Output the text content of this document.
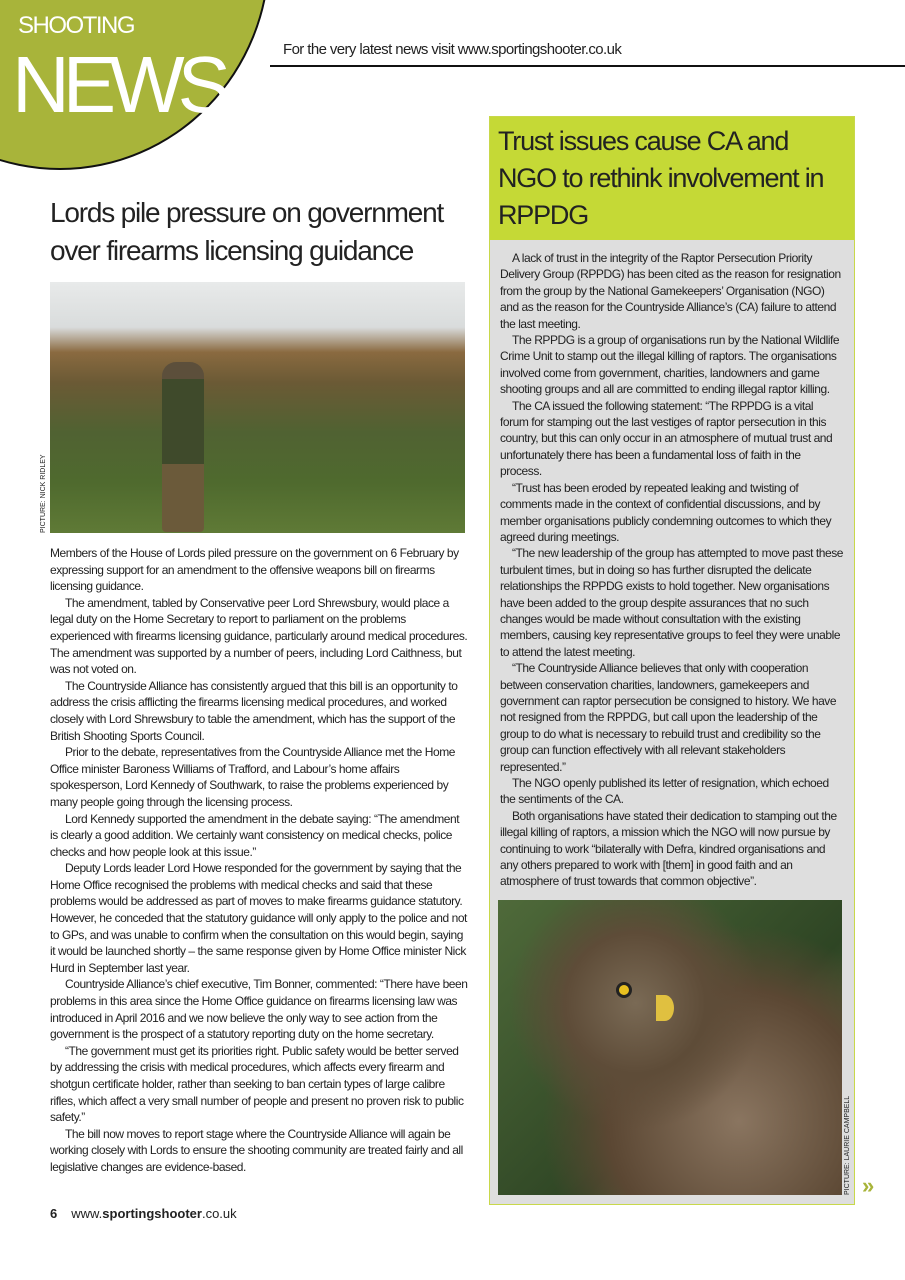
SHOOTING
NEWS	For the very latest news visit www.sportingshooter.co.uk
Lords pile pressure on government over firearms licensing guidance
PICTURE: NICK RIDLEY

Members of the House of Lords piled pressure on the government on 6 February by expressing support for an amendment to the offensive weapons bill on firearms licensing guidance.

The amendment, tabled by Conservative peer Lord Shrewsbury, would place a legal duty on the Home Secretary to report to parliament on the problems experienced with firearms licensing guidance, particularly around medical procedures. The amendment was supported by a number of peers, including Lord Caithness, but was not voted on.

The Countryside Alliance has consistently argued that this bill is an opportunity to address the crisis afflicting the firearms licensing medical procedures, and worked closely with Lord Shrewsbury to table the amendment, which has the support of the British Shooting Sports Council.

Prior to the debate, representatives from the Countryside Alliance met the Home Office minister Baroness Williams of Trafford, and Labour’s home affairs spokesperson, Lord Kennedy of Southwark, to raise the problems experienced by many people going through the licensing process.

Lord Kennedy supported the amendment in the debate saying: “The amendment is clearly a good addition. We certainly want consistency on medical checks, police checks and how people look at this issue.”

Deputy Lords leader Lord Howe responded for the government by saying that the Home Office recognised the problems with medical checks and said that these problems would be addressed as part of moves to make firearms guidance statutory. However, he conceded that the statutory guidance will only apply to the police and not to GPs, and was unable to confirm when the consultation on this would begin, saying it would be launched shortly – the same response given by Home Office minister Nick Hurd in September last year.

Countryside Alliance’s chief executive, Tim Bonner, commented: “There have been problems in this area since the Home Office guidance on firearms licensing law was introduced in April 2016 and we now believe the only way to see action from the government is the prospect of a statutory reporting duty on the home secretary.

“The government must get its priorities right. Public safety would be better served by addressing the crisis with medical procedures, which affects every firearm and shotgun certificate holder, rather than seeking to ban certain types of large calibre rifles, which affect a very small number of people and present no proven risk to public safety.”

The bill now moves to report stage where the Countryside Alliance will again be working closely with Lords to ensure the shooting community are treated fairly and all legislative changes are evidence-based.

6 www.sportingshooter.co.uk
Trust issues cause CA and NGO to rethink involvement in RPPDG

A lack of trust in the integrity of the Raptor Persecution Priority Delivery Group (RPPDG) has been cited as the reason for resignation from the group by the National Gamekeepers’ Organisation (NGO) and as the reason for the Countryside Alliance’s (CA) failure to attend the last meeting.

The RPPDG is a group of organisations run by the National Wildlife Crime Unit to stamp out the illegal killing of raptors. The organisations involved come from government, charities, landowners and game shooting groups and all are committed to ending illegal raptor killing.

The CA issued the following statement: “The RPPDG is a vital forum for stamping out the last vestiges of raptor persecution in this country, but this can only occur in an atmosphere of mutual trust and unfortunately there has been a fundamental loss of faith in the process.

“Trust has been eroded by repeated leaking and twisting of comments made in the context of confidential discussions, and by member organisations publicly condemning outcomes to which they agreed during meetings.

“The new leadership of the group has attempted to move past these turbulent times, but in doing so has further disrupted the delicate relationships the RPPDG exists to hold together. New organisations have been added to the group despite assurances that no such changes would be made without consultation with the existing members, causing key representative groups to feel they were unable to attend the latest meeting.

“The Countryside Alliance believes that only with cooperation between conservation charities, landowners, gamekeepers and government can raptor persecution be consigned to history. We have not resigned from the RPPDG, but call upon the leadership of the group to do what is necessary to rebuild trust and credibility so the group can function effectively with all relevant stakeholders represented.”

The NGO openly published its letter of resignation, which echoed the sentiments of the CA.

Both organisations have stated their dedication to stamping out the illegal killing of raptors, a mission which the NGO will now pursue by continuing to work “bilaterally with Defra, kindred organisations and any others prepared to work with [them] in good faith and an atmosphere of trust towards that common objective”.

PICTURE: LAURIE CAMPBELL »
